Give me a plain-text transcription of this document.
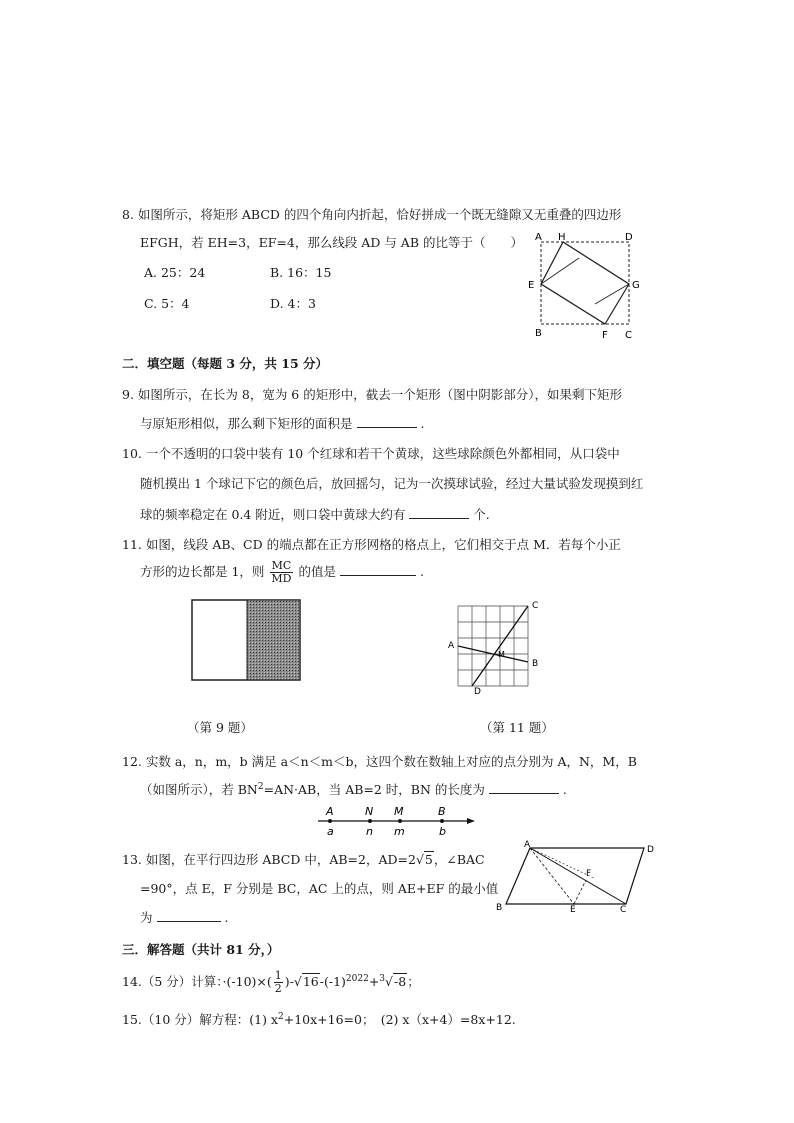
8. 如图所示，将矩形 ABCD 的四个角向内折起，恰好拼成一个既无缝隙又无重叠的四边形
EFGH，若 EH=3，EF=4，那么线段 AD 与 AB 的比等于（　　）
A. 25：24	B. 16：15
C. 5：4	D. 4：3
A H	D
E	G
B	F C
二．填空题（每题 3 分，共 15 分）
9. 如图所示，在长为 8，宽为 6 的矩形中，截去一个矩形（图中阴影部分），如果剩下矩形
与原矩形相似，那么剩下矩形的面积是	.
10. 一个不透明的口袋中装有 10 个红球和若干个黄球，这些球除颜色外都相同，从口袋中
随机摸出 1 个球记下它的颜色后，放回摇匀，记为一次摸球试验，经过大量试验发现摸到红
球的频率稳定在 0.4 附近，则口袋中黄球大约有	个.
11. 如图，线段 AB、CD 的端点都在正方形网格的格点上，它们相交于点 M．若每个小正
方形的边长都是 1，则 $\frac{MC}{MD}$ 的值是	.
C
A
M
B
D
（第 9 题）	（第 11 题）
12. 实数 a，n，m，b 满足 a＜n＜m＜b，这四个数在数轴上对应的点分别为 A，N，M，B
（如图所示），若 $BN^2=AN\cdot AB$，当 AB=2 时，BN 的长度为	.
A	N M	B
a	n m	b
13. 如图，在平行四边形 ABCD 中，AB=2，AD=2√5，∠BAC
=90°，点 E，F 分别是 BC，AC 上的点，则 AE+EF 的最小值
为	.
A	D
F
B	E	C
三．解答题（共计 81 分，）
14.（5 分）计算：$\cdot(-10)\times( \frac{1}{2} )-√16-(-1)^{2022}+^3√-8$；
15.（10 分）解方程：(1) $x^2+10x+16=0$；　(2) x（x+4）=8x+12.
